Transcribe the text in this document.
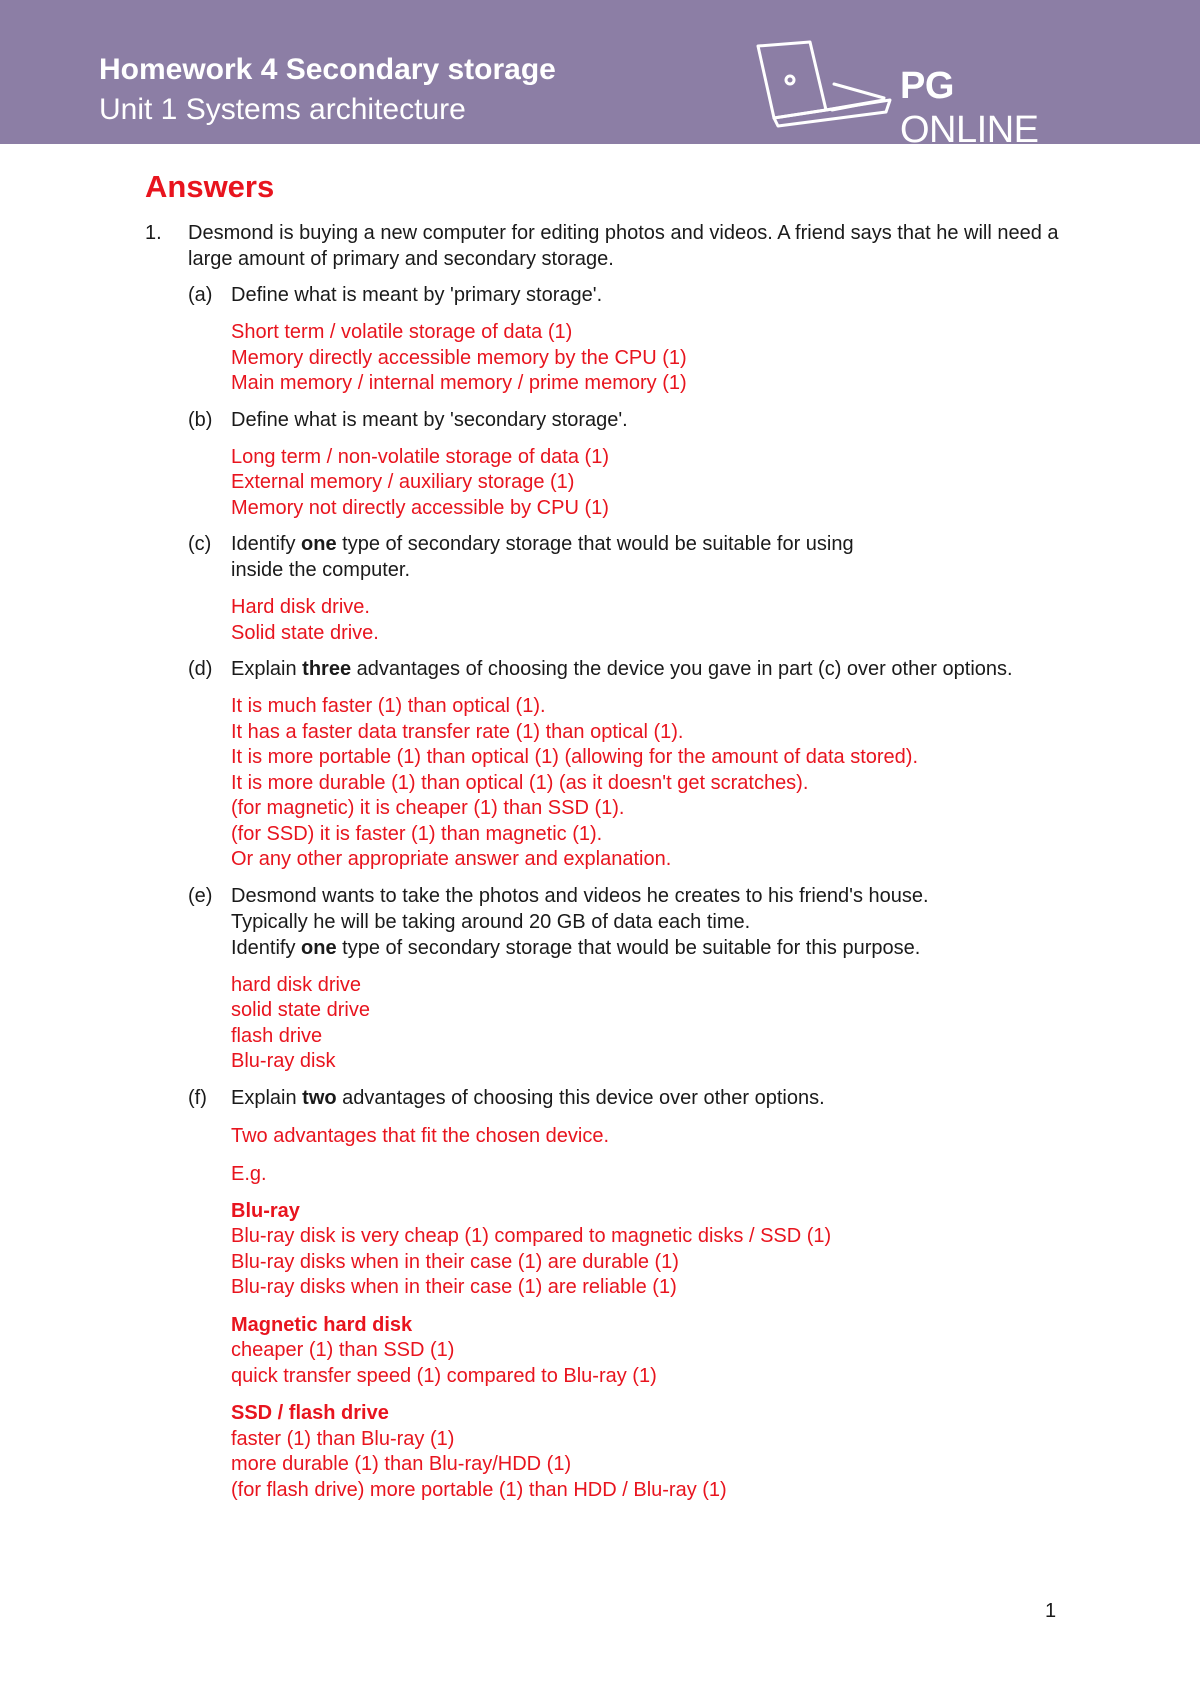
Homework 4 Secondary storage
Unit 1 Systems architecture
PG ONLINE
Answers
1.	Desmond is buying a new computer for editing photos and videos. A friend says that he will need a large amount of primary and secondary storage.
(a) Define what is meant by 'primary storage'.

Short term / volatile storage of data (1)
Memory directly accessible memory by the CPU (1)
Main memory / internal memory / prime memory (1)
(b) Define what is meant by 'secondary storage'.

Long term / non-volatile storage of data (1)
External memory / auxiliary storage (1)
Memory not directly accessible by CPU (1)
(c) Identify one type of secondary storage that would be suitable for using
inside the computer.

Hard disk drive.
Solid state drive.
(d) Explain three advantages of choosing the device you gave in part (c) over other options.

It is much faster (1) than optical (1).
It has a faster data transfer rate (1) than optical (1).
It is more portable (1) than optical (1) (allowing for the amount of data stored).
It is more durable (1) than optical (1) (as it doesn't get scratches).
(for magnetic) it is cheaper (1) than SSD (1).
(for SSD) it is faster (1) than magnetic (1).
Or any other appropriate answer and explanation.
(e) Desmond wants to take the photos and videos he creates to his friend's house.
Typically he will be taking around 20 GB of data each time.

Identify one type of secondary storage that would be suitable for this purpose.

hard disk drive
solid state drive
flash drive
Blu-ray disk
(f)	Explain two advantages of choosing this device over other options.

Two advantages that fit the chosen device.
E.g.
Blu-ray
Blu-ray disk is very cheap (1) compared to magnetic disks / SSD (1)
Blu-ray disks when in their case (1) are durable (1)
Blu-ray disks when in their case (1) are reliable (1)
Magnetic hard disk
cheaper (1) than SSD (1)
quick transfer speed (1) compared to Blu-ray (1)
SSD / flash drive
faster (1) than Blu-ray (1)
more durable (1) than Blu-ray/HDD (1)
(for flash drive) more portable (1) than HDD / Blu-ray (1)
1
